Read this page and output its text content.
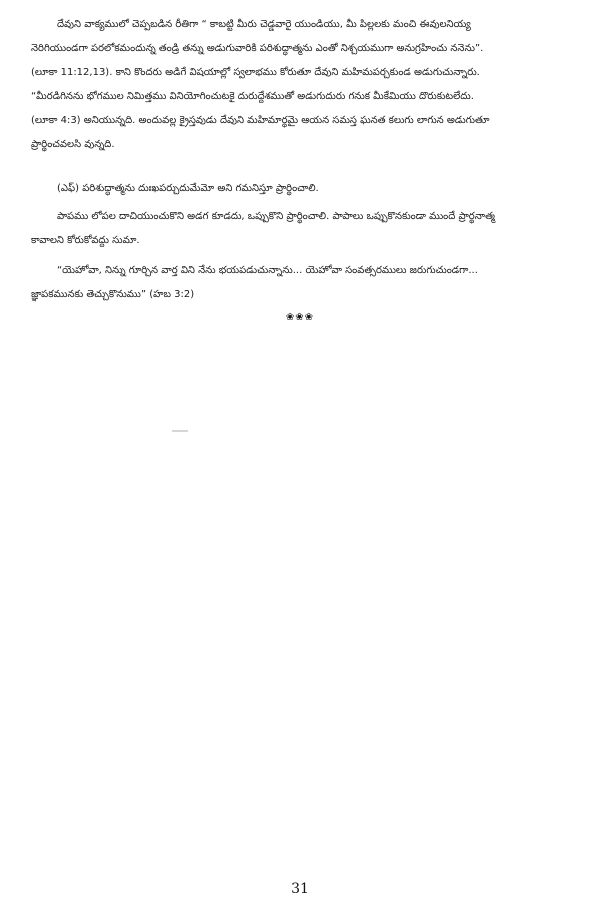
దేవుని వాక్యములో చెప్పబడిన రీతిగా “ కాబట్టి మీరు చెడ్డవారై యుండియు, మీ పిల్లలకు మంచి ఈవులనియ్య
నెరిగియుండగా పరలోకమందున్న తండ్రి తన్ను అడుగువారికి పరిశుద్ధాత్మను ఎంతో నిశ్చయముగా అనుగ్రహించు ననెను”.
(లూకా 11:12,13). కాని కొందరు అడిగే విషయాల్లో స్వలాభము కోరుతూ దేవుని మహిమపర్చకుండ అడుగుచున్నారు.
“మీరడిగినను భోగముల నిమిత్తము వినియోగించుటకై దురుద్దేశముతో అడుగుదురు గనుక మీకేమియు దొరుకుటలేదు.
(లూకా 4:3) అనియున్నది. అందువల్ల క్రైస్తవుడు దేవుని మహిమార్థమై ఆయన సమస్త ఘనత కలుగు లాగున అడుగుతూ
ప్రార్థించవలసి వున్నది.

(ఎఫ్) పరిశుద్ధాత్మను దుఃఖపర్చుదుమేమో అని గమనిస్తూ ప్రార్థించాలి.

పాపము లోపల దాచియుంచుకొని అడగ కూడదు, ఒప్పుకొని ప్రార్థించాలి. పాపాలు ఒప్పుకొనకుండా ముందే ప్రార్థనాత్మ
కావాలని కోరుకోవద్దు సుమా.

“యెహోవా, నిన్ను గూర్చిన వార్త విని నేను భయపడుచున్నాను... యెహోవా సంవత్సరములు జరుగుచుండగా...
జ్ఞాపకమునకు తెచ్చుకొనుము” (హబ 3:2)

❀❀❀
31
